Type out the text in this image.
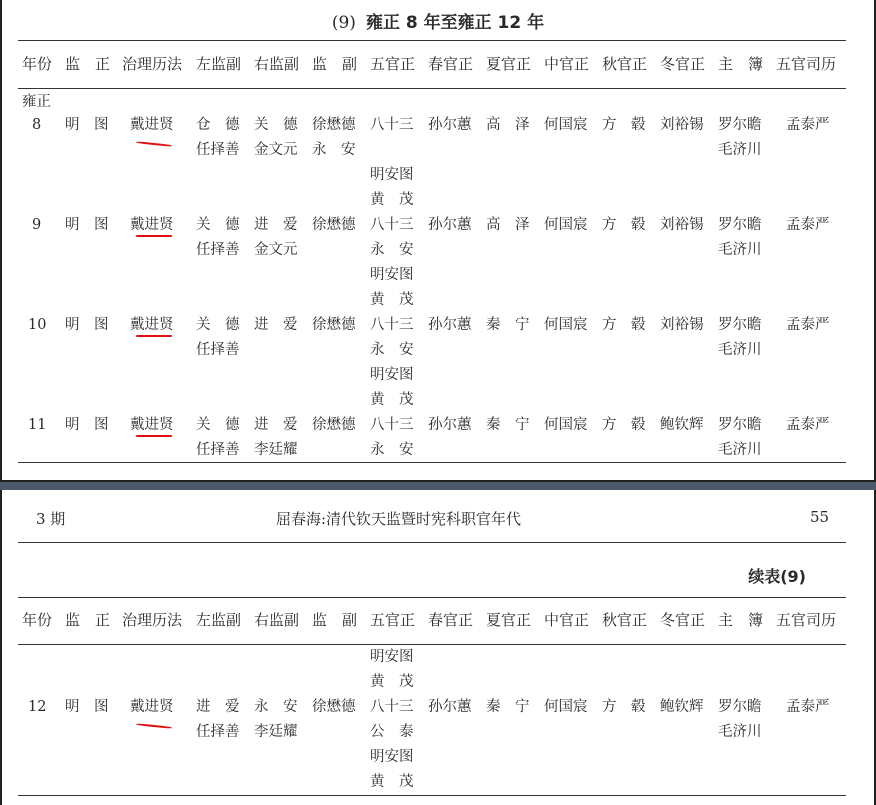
(9) 雍正 8 年至雍正 12 年
年份 监　正 治理历法 左监副 右监副 监　副 五官正 春官正 夏官正 中官正 秋官正 冬官正 主　簿 五官司历
雍正
8 明　图 戴进贤 仓　德
任择善
关　德
金文元
徐懋德
永　安
八十三
明安图
孙尔蕙 高　泽 何国宸 方　毂 刘裕锡 罗尔瞻
毛济川
孟泰严
9 明　图 戴进贤 关　德
任择善
进　爱
金文元
徐懋德
黄　茂
八十三
永　安
明安图
孙尔蕙 高　泽 何国宸 方　毂 刘裕锡 罗尔瞻
毛济川
孟泰严
10 明　图 戴进贤 关　德
任择善
进　爱 徐懋德
黄　茂
八十三
永　安
明安图
孙尔蕙 秦　宁 何国宸 方　毂 刘裕锡 罗尔瞻
毛济川
孟泰严
11 明　图 戴进贤 关　德
任择善
进　爱
李廷耀
徐懋德
黄　茂
八十三
永　安
孙尔蕙 秦　宁 何国宸 方　毂 鲍钦辉 罗尔瞻
毛济川
孟泰严
3 期	屈春海:清代钦天监暨时宪科职官年代	55
续表(9)
年份 监　正 治理历法 左监副 右监副 监　副 五官正 春官正 夏官正 中官正 秋官正 冬官正 主　簿 五官司历
12 明　图 戴进贤 进　爱
任择善
永　安
李廷耀
徐懋德
明安图
黄　茂
八十三
公　泰
明安图
黄　茂
孙尔蕙 秦　宁 何国宸 方　毂 鲍钦辉 罗尔瞻
毛济川
孟泰严
